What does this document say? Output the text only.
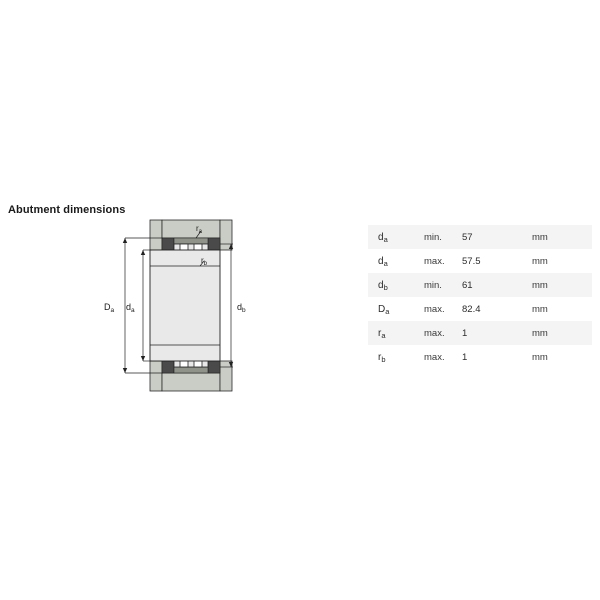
Abutment dimensions
$r_a$
$r_b$
$D_a$ $d_a$	$d_b$
$d_a$	min.	57	mm
$d_a$	max.	57.5	mm
$d_b$	min.	61	mm
$D_a$	max.	82.4	mm
$r_a$	max.	1	mm
$r_b$	max.	1	mm
